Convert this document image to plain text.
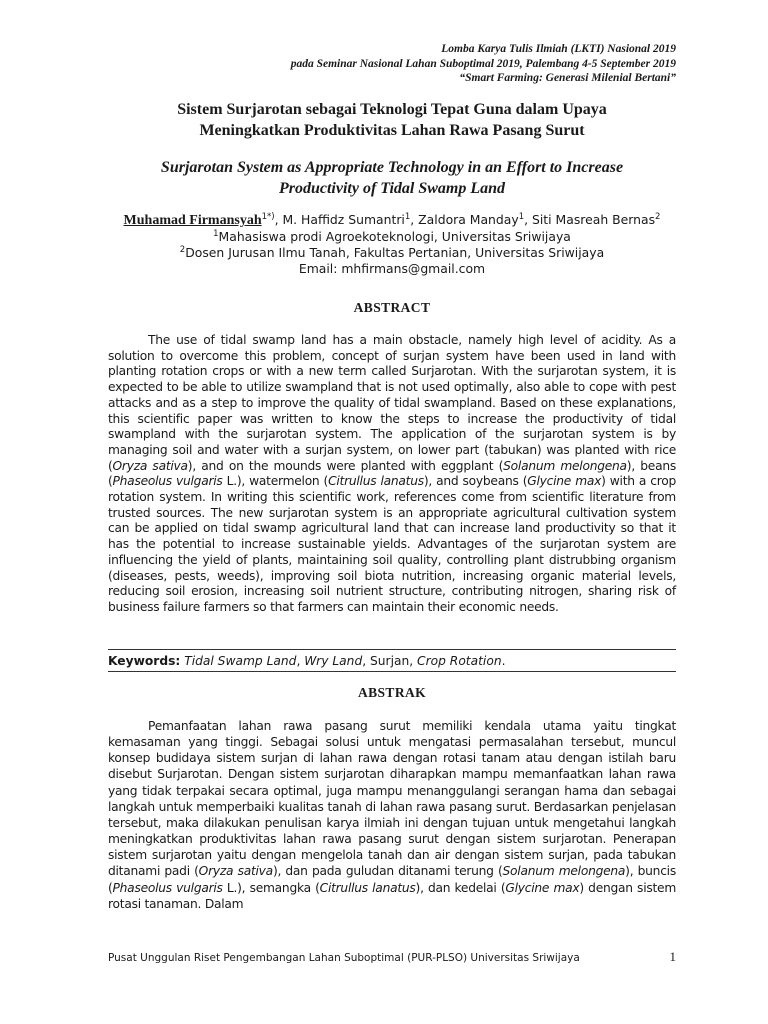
Lomba Karya Tulis Ilmiah (LKTI) Nasional 2019
pada Seminar Nasional Lahan Suboptimal 2019, Palembang 4-5 September 2019
“Smart Farming: Generasi Milenial Bertani”
Sistem Surjarotan sebagai Teknologi Tepat Guna dalam Upaya
Meningkatkan Produktivitas Lahan Rawa Pasang Surut
Surjarotan System as Appropriate Technology in an Effort to Increase
Productivity of Tidal Swamp Land
Muhamad Firmansyah$^{1*)}$, M. Haffidz Sumantri$^1$, Zaldora Manday$^1$, Siti Masreah Bernas$^2$
$^1$Mahasiswa prodi Agroekoteknologi, Universitas Sriwijaya
$^2$Dosen Jurusan Ilmu Tanah, Fakultas Pertanian, Universitas Sriwijaya
Email: mhfirmans@gmail.com
ABSTRACT
The use of tidal swamp land has a main obstacle, namely high level of acidity. As a solution to overcome this problem, concept of surjan system have been used in land with planting rotation crops or with a new term called Surjarotan. With the surjarotan system, it is expected to be able to utilize swampland that is not used optimally, also able to cope with pest attacks and as a step to improve the quality of tidal swampland. Based on these explanations, this scientific paper was written to know the steps to increase the productivity of tidal swampland with the surjarotan system. The application of the surjarotan system is by managing soil and water with a surjan system, on lower part (tabukan) was planted with rice (Oryza sativa), and on the mounds were planted with eggplant (Solanum melongena), beans (Phaseolus vulgaris L.), watermelon (Citrullus lanatus), and soybeans (Glycine max) with a crop rotation system. In writing this scientific work, references come from scientific literature from trusted sources. The new surjarotan system is an appropriate agricultural cultivation system can be applied on tidal swamp agricultural land that can increase land productivity so that it has the potential to increase sustainable yields. Advantages of the surjarotan system are influencing the yield of plants, maintaining soil quality, controlling plant distrubbing organism (diseases, pests, weeds), improving soil biota nutrition, increasing organic material levels, reducing soil erosion, increasing soil nutrient structure, contributing nitrogen, sharing risk of business failure farmers so that farmers can maintain their economic needs.
Keywords: Tidal Swamp Land, Wry Land, Surjan, Crop Rotation.
ABSTRAK
Pemanfaatan lahan rawa pasang surut memiliki kendala utama yaitu tingkat kemasaman yang tinggi. Sebagai solusi untuk mengatasi permasalahan tersebut, muncul konsep budidaya sistem surjan di lahan rawa dengan rotasi tanam atau dengan istilah baru disebut Surjarotan. Dengan sistem surjarotan diharapkan mampu memanfaatkan lahan rawa yang tidak terpakai secara optimal, juga mampu menanggulangi serangan hama dan sebagai langkah untuk memperbaiki kualitas tanah di lahan rawa pasang surut. Berdasarkan penjelasan tersebut, maka dilakukan penulisan karya ilmiah ini dengan tujuan untuk mengetahui langkah meningkatkan produktivitas lahan rawa pasang surut dengan sistem surjarotan. Penerapan sistem surjarotan yaitu dengan mengelola tanah dan air dengan sistem surjan, pada tabukan ditanami padi (Oryza sativa), dan pada guludan ditanami terung (Solanum melongena), buncis (Phaseolus vulgaris L.), semangka (Citrullus lanatus), dan kedelai (Glycine max) dengan sistem rotasi tanaman. Dalam
Pusat Unggulan Riset Pengembangan Lahan Suboptimal (PUR-PLSO) Universitas Sriwijaya	1
